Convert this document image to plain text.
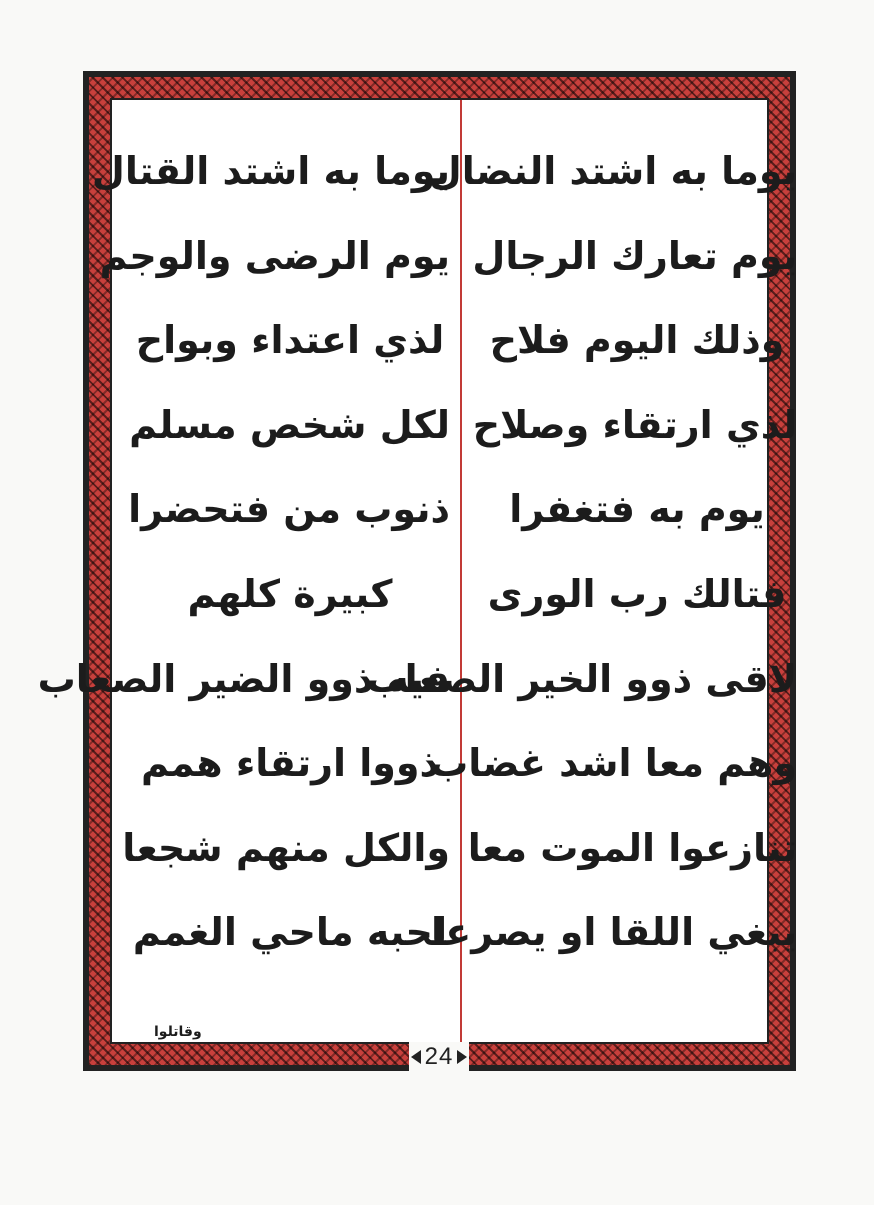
يوما به اشتد النضال
يوم تعارك الرجال
وذلك اليوم فلاح
لذي ارتقاء وصلاح
يوم به فتغفرا
فتالك رب الورى
لاقى ذوو الخير الصعاب
وهم معا اشد غضاب
تنازعوا الموت معا
يبغي اللقا او يصرعا
يوما به اشتد القتال
يوم الرضى والوجم
لذي اعتداء وبواح
لكل شخص مسلم
ذنوب من فتحضرا
كبيرة كلهم
فيه ذوو الضير الصعاب
ذووا ارتقاء همم
والكل منهم شجعا
لحبه ماحي الغمم
وقاتلوا
24
